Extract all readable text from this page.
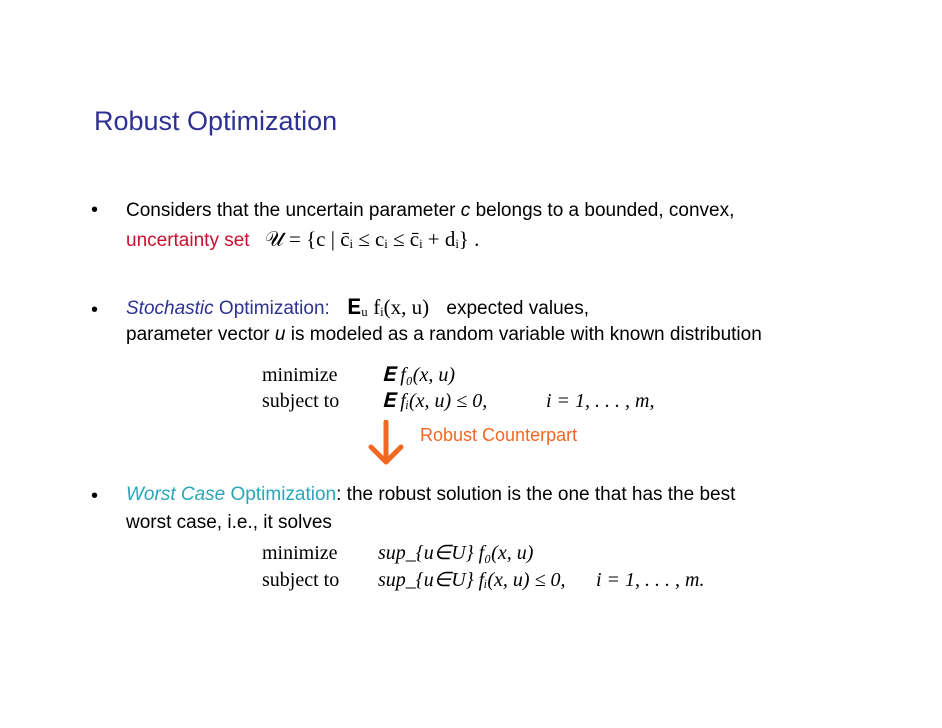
Robust Optimization
• Considers that the uncertain parameter c belongs to a bounded, convex,
uncertainty set 𝒰 = {c | c̄ᵢ ≤ cᵢ ≤ c̄ᵢ + dᵢ} .
• Stochastic Optimization: 𝐄ᵤ fᵢ(x, u) expected values,
parameter vector u is modeled as a random variable with known distribution
minimize
subject to
𝐄 f₀(x, u)
𝐄 fᵢ(x, u) ≤ 0,	i = 1, . . . , m,
Robust Counterpart
• Worst Case Optimization: the robust solution is the one that has the best
worst case, i.e., it solves
minimize
subject to
sup_{u∈U} f₀(x, u)
sup_{u∈U} fᵢ(x, u) ≤ 0, i = 1, . . . , m.
